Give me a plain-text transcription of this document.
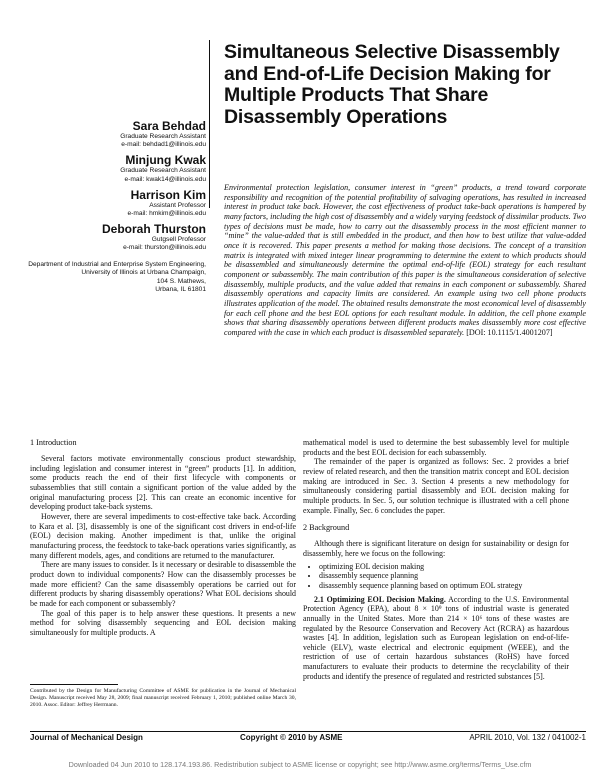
Simultaneous Selective Disassembly and End-of-Life Decision Making for Multiple Products That Share Disassembly Operations
Sara Behdad
Graduate Research Assistant
e-mail: behdad1@illinois.edu
Minjung Kwak
Graduate Research Assistant
e-mail: kwak14@illinois.edu
Harrison Kim
Assistant Professor
e-mail: hmkim@illinois.edu
Deborah Thurston
Gutgsell Professor
e-mail: thurston@illinois.edu
Department of Industrial and Enterprise System Engineering,
University of Illinois at Urbana Champaign,
104 S. Mathews,
Urbana, IL 61801

Environmental protection legislation, consumer interest in “green” products, a trend toward corporate responsibility and recognition of the potential profitability of salvaging operations, has resulted in increased interest in product take back. However, the cost effectiveness of product take-back operations is hampered by many factors, including the high cost of disassembly and a widely varying feedstock of dissimilar products. Two types of decisions must be made, how to carry out the disassembly process in the most efficient manner to “mine” the value-added that is still embedded in the product, and then how to best utilize that value-added once it is recovered. This paper presents a method for making those decisions. The concept of a transition matrix is integrated with mixed integer linear programming to determine the extent to which products should be disassembled and simultaneously determine the optimal end-of-life (EOL) strategy for each resultant component or subassembly. The main contribution of this paper is the simultaneous consideration of selective disassembly, multiple products, and the value added that remains in each component or subassembly. Shared disassembly operations and capacity limits are considered. An example using two cell phone products illustrates application of the model. The obtained results demonstrate the most economical level of disassembly for each cell phone and the best EOL options for each resultant module. In addition, the cell phone example shows that sharing disassembly operations between different products makes disassembly more cost effective compared with the case in which each product is disassembled separately. [DOI: 10.1115/1.4001207]

1 Introduction

Several factors motivate environmentally conscious product stewardship, including legislation and consumer interest in “green” products [1]. In addition, some products reach the end of their first lifecycle with components or subassemblies that still contain a significant portion of the value added by the original manufacturing process [2]. This can create an economic incentive for developing product take-back systems.

However, there are several impediments to cost-effective take back. According to Kara et al. [3], disassembly is one of the significant cost drivers in end-of-life (EOL) decision making. Another impediment is that, unlike the original manufacturing process, the feedstock to take-back operations varies significantly, as many different models, ages, and conditions are returned to the manufacturer.

There are many issues to consider. Is it necessary or desirable to disassemble the product down to individual components? How can the disassembly processes be made more efficient? Can the same disassembly operations be carried out for different products by sharing disassembly operations? What EOL decisions should be made for each component or subassembly?

The goal of this paper is to help answer these questions. It presents a new method for solving disassembly sequencing and EOL decision making simultaneously for multiple products. A

mathematical model is used to determine the best subassembly level for multiple products and the best EOL decision for each subassembly.

The remainder of the paper is organized as follows: Sec. 2 provides a brief review of related research, and then the transition matrix concept and EOL decision making are introduced in Sec. 3. Section 4 presents a new methodology for simultaneously considering partial disassembly and EOL decision making for multiple products. In Sec. 5, our solution technique is illustrated with a cell phone example. Finally, Sec. 6 concludes the paper.

2 Background

Although there is significant literature on design for sustainability or design for disassembly, here we focus on the following:

• optimizing EOL decision making
• disassembly sequence planning
• disassembly sequence planning based on optimum EOL strategy

2.1 Optimizing EOL Decision Making. According to the U.S. Environmental Protection Agency (EPA), about 8 × 10⁹ tons of industrial waste is generated annually in the United States. More than 214 × 10⁶ tons of these wastes are regulated by the Resource Conservation and Recovery Act (RCRA) as hazardous wastes [4]. In addition, legislation such as European legislation on end-of-life-vehicle (ELV), waste electrical and electronic equipment (WEEE), and the restriction of use of certain hazardous substances (RoHS) have forced manufacturers to evaluate their products to determine the recyclability of their products and identify the presence of regulated and restricted substances [5].

Contributed by the Design for Manufacturing Committee of ASME for publication in the Journal of Mechanical Design. Manuscript received May 28, 2009; final manuscript received February 1, 2010; published online March 30, 2010. Assoc. Editor: Jeffrey Herrmann.
Journal of Mechanical Design	Copyright © 2010 by ASME	APRIL 2010, Vol. 132 / 041002-1
Downloaded 04 Jun 2010 to 128.174.193.86. Redistribution subject to ASME license or copyright; see http://www.asme.org/terms/Terms_Use.cfm
